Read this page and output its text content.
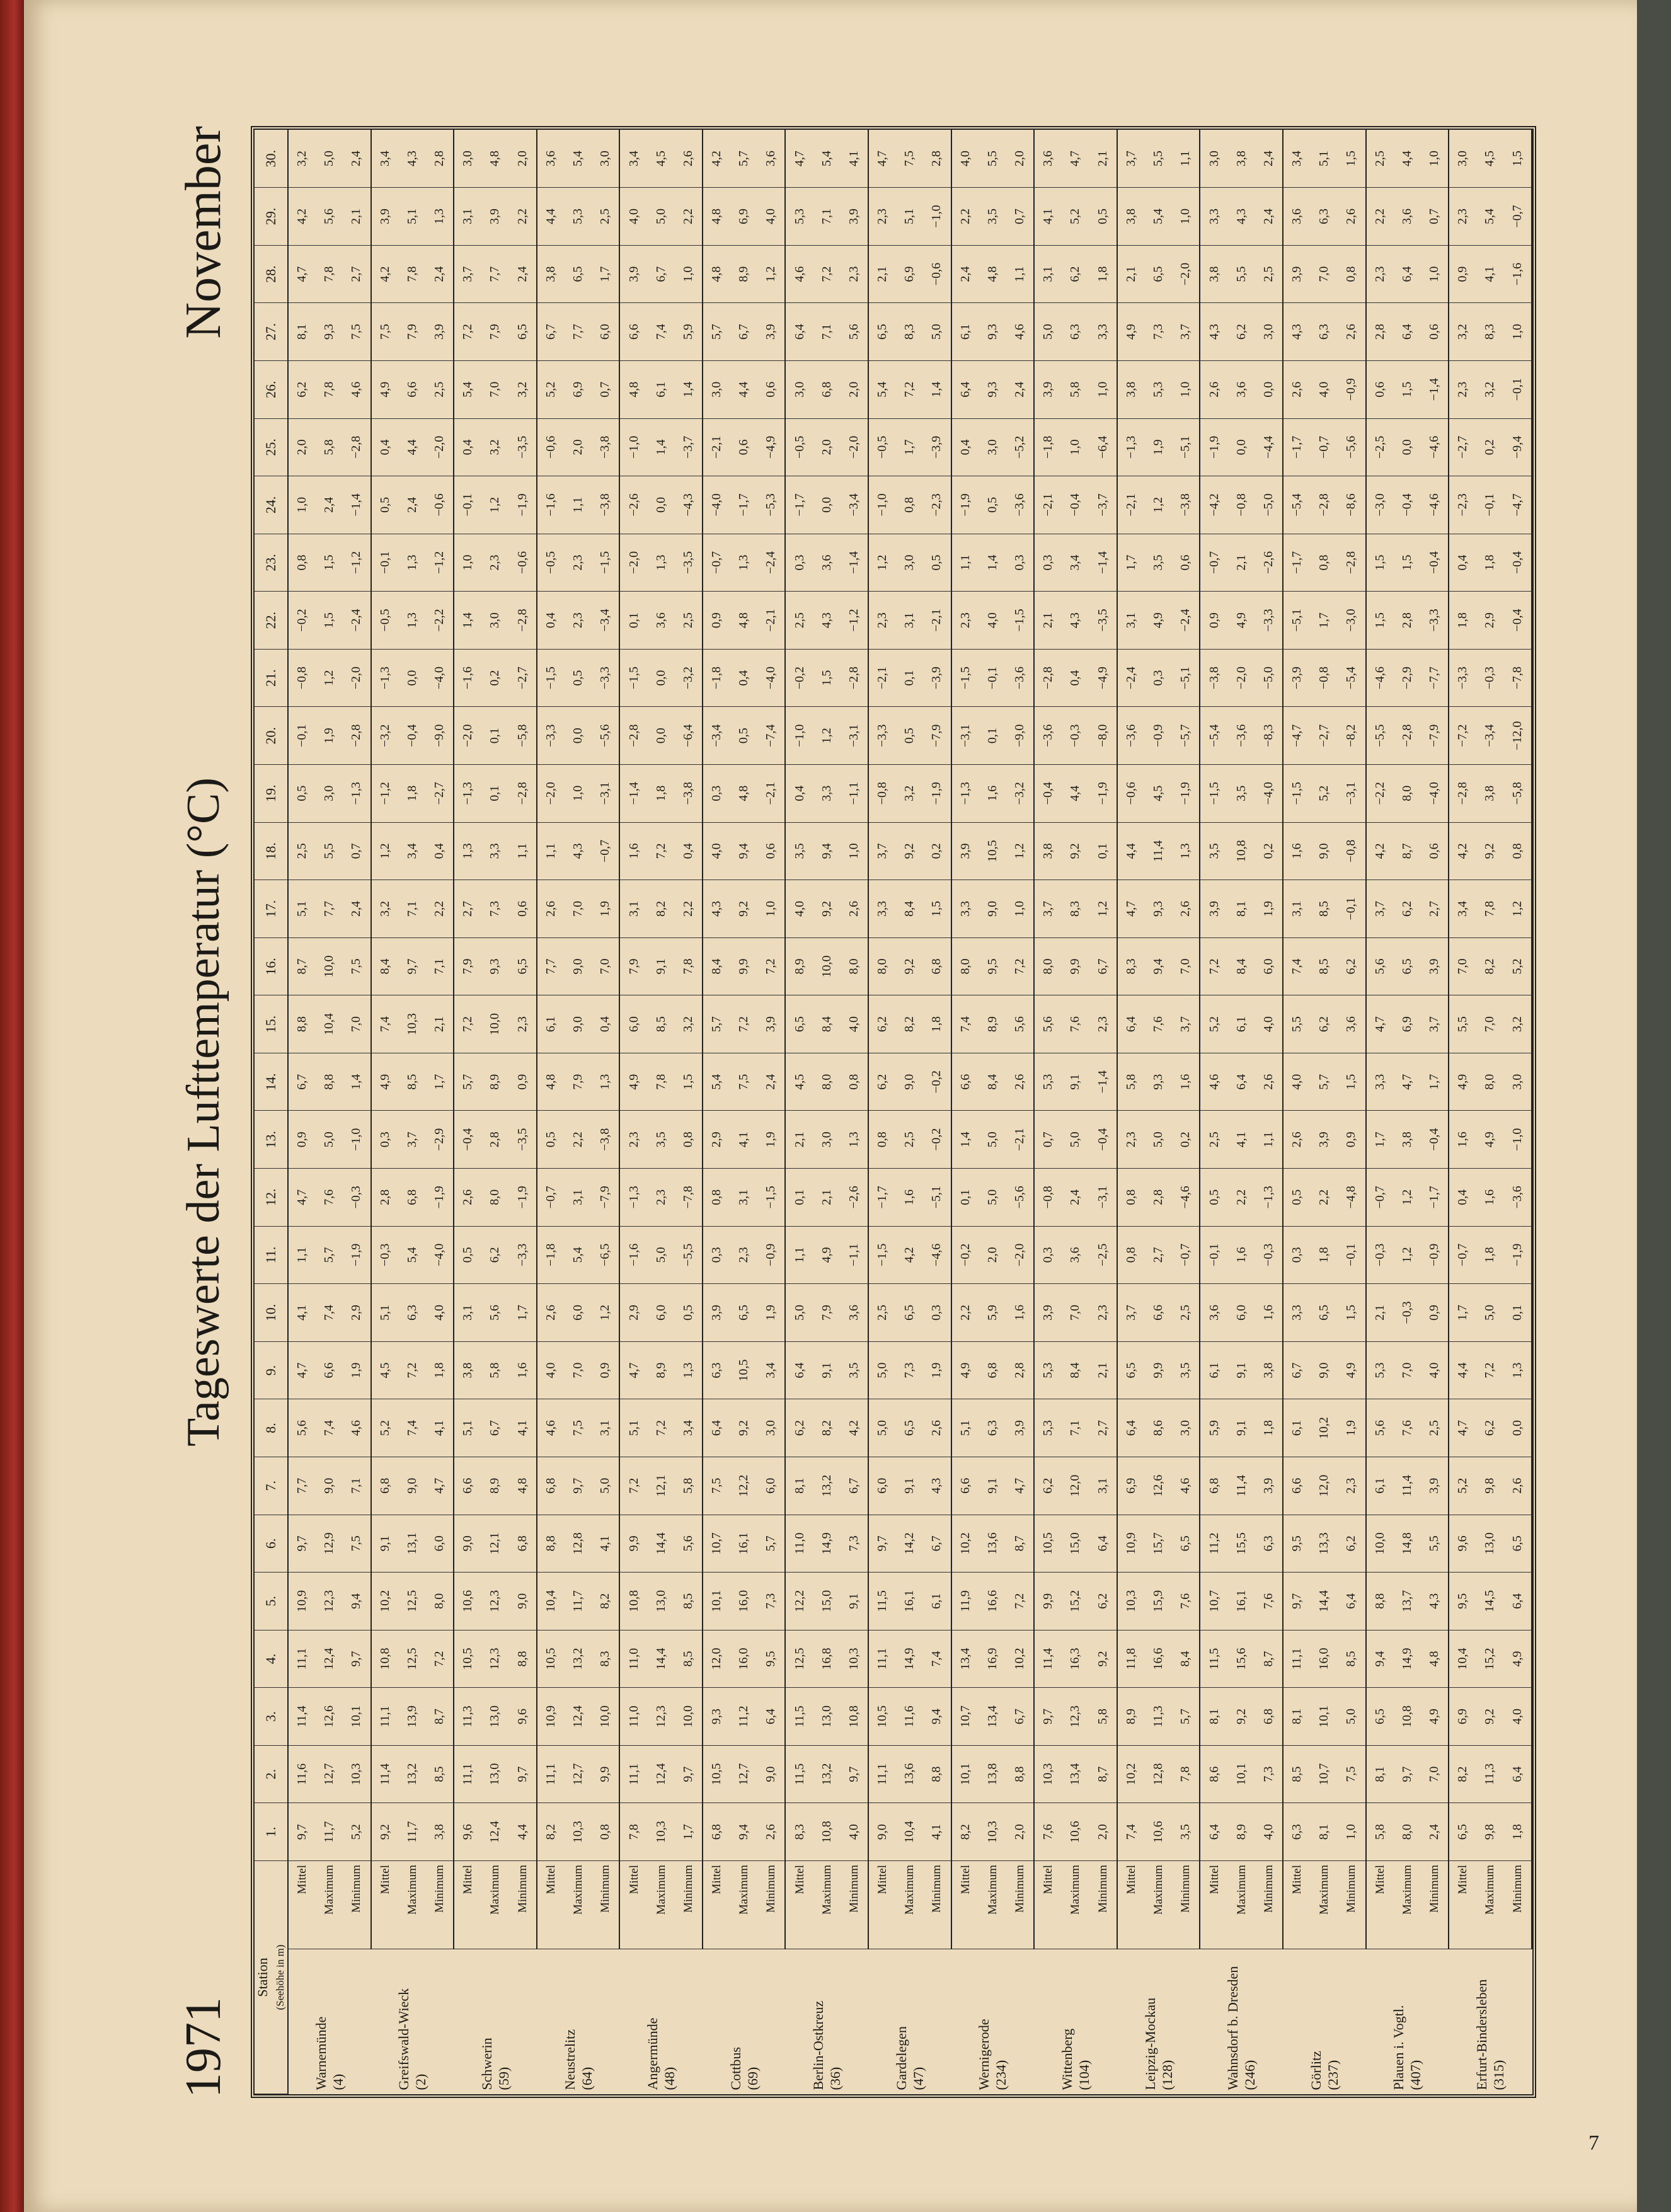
1971
Tageswerte der Lufttemperatur (°C)
November
Station (Seehöhe in m)		1.	2.	3.	4.	5.	6.	7.	8.	9.	10.	11.	12.	13.	14.	15.	16.	17.	18.	19.	20.	21.	22.	23.	24.	25.	26.	27.	28.	29.	30.
Warnemünde
(4)	Mittel	9,7	11,6	11,4	11,1	10,9	9,7	7,7	5,6	4,7	4,1	1,1	4,7	0,9	6,7	8,8	8,7	5,1	2,5	0,5	−0,1	−0,8	−0,2	0,8	1,0	2,0	6,2	8,1	4,7	4,2	3,2
	Maximum	11,7	12,7	12,6	12,4	12,3	12,9	9,0	7,4	6,6	7,4	5,7	7,6	5,0	8,8	10,4	10,0	7,7	5,5	3,0	1,9	1,2	1,5	1,5	2,4	5,8	7,8	9,3	7,8	5,6	5,0
	Minimum	5,2	10,3	10,1	9,7	9,4	7,5	7,1	4,6	1,9	2,9	−1,9	−0,3	−1,0	1,4	7,0	7,5	2,4	0,7	−1,3	−2,8	−2,0	−2,4	−1,2	−1,4	−2,8	4,6	7,5	2,7	2,1	2,4
Greifswald-Wieck
(2)	Mittel	9,2	11,4	11,1	10,8	10,2	9,1	6,8	5,2	4,5	5,1	−0,3	2,8	0,3	4,9	7,4	8,4	3,2	1,2	−1,2	−3,2	−1,3	−0,5	−0,1	0,5	0,4	4,9	7,5	4,2	3,9	3,4
	Maximum	11,7	13,2	13,9	12,5	12,5	13,1	9,0	7,4	7,2	6,3	5,4	6,8	3,7	8,5	10,3	9,7	7,1	3,4	1,8	−0,4	0,0	1,3	1,3	2,4	4,4	6,6	7,9	7,8	5,1	4,3
	Minimum	3,8	8,5	8,7	7,2	8,0	6,0	4,7	4,1	1,8	4,0	−4,0	−1,9	−2,9	1,7	2,1	7,1	2,2	0,4	−2,7	−9,0	−4,0	−2,2	−1,2	−0,6	−2,0	2,5	3,9	2,4	1,3	2,8
Schwerin
(59)	Mittel	9,6	11,1	11,3	10,5	10,6	9,0	6,6	5,1	3,8	3,1	0,5	2,6	−0,4	5,7	7,2	7,9	2,7	1,3	−1,3	−2,0	−1,6	1,4	1,0	−0,1	0,4	5,4	7,2	3,7	3,1	3,0
	Maximum	12,4	13,0	13,0	12,3	12,3	12,1	8,9	6,7	5,8	5,6	6,2	8,0	2,8	8,9	10,0	9,3	7,3	3,3	0,1	0,1	0,2	3,0	2,3	1,2	3,2	7,0	7,9	7,7	3,9	4,8
	Minimum	4,4	9,7	9,6	8,8	9,0	6,8	4,8	4,1	1,6	1,7	−3,3	−1,9	−3,5	0,9	2,3	6,5	0,6	1,1	−2,8	−5,8	−2,7	−2,8	−0,6	−1,9	−3,5	3,2	6,5	2,4	2,2	2,0
Neustrelitz
(64)	Mittel	8,2	11,1	10,9	10,5	10,4	8,8	6,8	4,6	4,0	2,6	−1,8	−0,7	0,5	4,8	6,1	7,7	2,6	1,1	−2,0	−3,3	−1,5	0,4	−0,5	−1,6	−0,6	5,2	6,7	3,8	4,4	3,6
	Maximum	10,3	12,7	12,4	13,2	11,7	12,8	9,7	7,5	7,0	6,0	5,4	3,1	2,2	7,9	9,0	9,0	7,0	4,3	1,0	0,0	0,5	2,3	2,3	1,1	2,0	6,9	7,7	6,5	5,3	5,4
	Minimum	0,8	9,9	10,0	8,3	8,2	4,1	5,0	3,1	0,9	1,2	−6,5	−7,9	−3,8	1,3	0,4	7,0	1,9	−0,7	−3,1	−5,6	−3,3	−3,4	−1,5	−3,8	−3,8	0,7	6,0	1,7	2,5	3,0
Angermünde
(48)	Mittel	7,8	11,1	11,0	11,0	10,8	9,9	7,2	5,1	4,7	2,9	−1,6	−1,3	2,3	4,9	6,0	7,9	3,1	1,6	−1,4	−2,8	−1,5	0,1	−2,0	−2,6	−1,0	4,8	6,6	3,9	4,0	3,4
	Maximum	10,3	12,4	12,3	14,4	13,0	14,4	12,1	7,2	8,9	6,0	5,0	2,3	3,5	7,8	8,5	9,1	8,2	7,2	1,8	0,0	0,0	3,6	1,3	0,0	1,4	6,1	7,4	6,7	5,0	4,5
	Minimum	1,7	9,7	10,0	8,5	8,5	5,6	5,8	3,4	1,3	0,5	−5,5	−7,8	0,8	1,5	3,2	7,8	2,2	0,4	−3,8	−6,4	−3,2	2,5	−3,5	−4,3	−3,7	1,4	5,9	1,0	2,2	2,6
Cottbus
(69)	Mittel	6,8	10,5	9,3	12,0	10,1	10,7	7,5	6,4	6,3	3,9	0,3	0,8	2,9	5,4	5,7	8,4	4,3	4,0	0,3	−3,4	−1,8	0,9	−0,7	−4,0	−2,1	3,0	5,7	4,8	4,8	4,2
	Maximum	9,4	12,7	11,2	16,0	16,0	16,1	12,2	9,2	10,5	6,5	2,3	3,1	4,1	7,5	7,2	9,9	9,2	9,4	4,8	0,5	0,4	4,8	1,3	−1,7	0,6	4,4	6,7	8,9	6,9	5,7
	Minimum	2,6	9,0	6,4	9,5	7,3	5,7	6,0	3,0	3,4	1,9	−0,9	−1,5	1,9	2,4	3,9	7,2	1,0	0,6	−2,1	−7,4	−4,0	−2,1	−2,4	−5,3	−4,9	0,6	3,9	1,2	4,0	3,6
Berlin-Ostkreuz
(36)	Mittel	8,3	11,5	11,5	12,5	12,2	11,0	8,1	6,2	6,4	5,0	1,1	0,1	2,1	4,5	6,5	8,9	4,0	3,5	0,4	−1,0	−0,2	2,5	0,3	−1,7	−0,5	3,0	6,4	4,6	5,3	4,7
	Maximum	10,8	13,2	13,0	16,8	15,0	14,9	13,2	8,2	9,1	7,9	4,9	2,1	3,0	8,0	8,4	10,0	9,2	9,4	3,3	1,2	1,5	4,3	3,6	0,0	2,0	6,8	7,1	7,2	7,1	5,4
	Minimum	4,0	9,7	10,8	10,3	9,1	7,3	6,7	4,2	3,5	3,6	−1,1	−2,6	1,3	0,8	4,0	8,0	2,6	1,0	−1,1	−3,1	−2,8	−1,2	−1,4	−3,4	−2,0	2,0	5,6	2,3	3,9	4,1
Gardelegen
(47)	Mittel	9,0	11,1	10,5	11,1	11,5	9,7	6,0	5,0	5,0	2,5	−1,5	−1,7	0,8	6,2	6,2	8,0	3,3	3,7	−0,8	−3,3	−2,1	2,3	1,2	−1,0	−0,5	5,4	6,5	2,1	2,3	4,7
	Maximum	10,4	13,6	11,6	14,9	16,1	14,2	9,1	6,5	7,3	6,5	4,2	1,6	2,5	9,0	8,2	9,2	8,4	9,2	3,2	0,5	0,1	3,1	3,0	0,8	1,7	7,2	8,3	6,9	5,1	7,5
	Minimum	4,1	8,8	9,4	7,4	6,1	6,7	4,3	2,6	1,9	0,3	−4,6	−5,1	−0,2	−0,2	1,8	6,8	1,5	0,2	−1,9	−7,9	−3,9	−2,1	0,5	−2,3	−3,9	1,4	5,0	−0,6	−1,0	2,8
Wernigerode
(234)	Mittel	8,2	10,1	10,7	13,4	11,9	10,2	6,6	5,1	4,9	2,2	−0,2	0,1	1,4	6,6	7,4	8,0	3,3	3,9	−1,3	−3,1	−1,5	2,3	1,1	−1,9	0,4	6,4	6,1	2,4	2,2	4,0
	Maximum	10,3	13,8	13,4	16,9	16,6	13,6	9,1	6,3	6,8	5,9	2,0	5,0	5,0	8,4	8,9	9,5	9,0	10,5	1,6	0,1	−0,1	4,0	1,4	0,5	3,0	9,3	9,3	4,8	3,5	5,5
	Minimum	2,0	8,8	6,7	10,2	7,2	8,7	4,7	3,9	2,8	1,6	−2,0	−5,6	−2,1	2,6	5,6	7,2	1,0	1,2	−3,2	−9,0	−3,6	−1,5	0,3	−3,6	−5,2	2,4	4,6	1,1	0,7	2,0
Wittenberg
(104)	Mittel	7,6	10,3	9,7	11,4	9,9	10,5	6,2	5,3	5,3	3,9	0,3	−0,8	0,7	5,3	5,6	8,0	3,7	3,8	−0,4	−3,6	−2,8	2,1	0,3	−2,1	−1,8	3,9	5,0	3,1	4,1	3,6
	Maximum	10,6	13,4	12,3	16,3	15,2	15,0	12,0	7,1	8,4	7,0	3,6	2,4	5,0	9,1	7,6	9,9	8,3	9,2	4,4	−0,3	0,4	4,3	3,4	−0,4	1,0	5,8	6,3	6,2	5,2	4,7
	Minimum	2,0	8,7	5,8	9,2	6,2	6,4	3,1	2,7	2,1	2,3	−2,5	−3,1	−0,4	−1,4	2,3	6,7	1,2	0,1	−1,9	−8,0	−4,9	−3,5	−1,4	−3,7	−6,4	1,0	3,3	1,8	0,5	2,1
Leipzig-Mockau
(128)	Mittel	7,4	10,2	8,9	11,8	10,3	10,9	6,9	6,4	6,5	3,7	0,8	0,8	2,3	5,8	6,4	8,3	4,7	4,4	−0,6	−3,6	−2,4	3,1	1,7	−2,1	−1,3	3,8	4,9	2,1	3,8	3,7
	Maximum	10,6	12,8	11,3	16,6	15,9	15,7	12,6	8,6	9,9	6,6	2,7	2,8	5,0	9,3	7,6	9,4	9,3	11,4	4,5	−0,9	0,3	4,9	3,5	1,2	1,9	5,3	7,3	6,5	5,4	5,5
	Minimum	3,5	7,8	5,7	8,4	7,6	6,5	4,6	3,0	3,5	2,5	−0,7	−4,6	0,2	1,6	3,7	7,0	2,6	1,3	−1,9	−5,7	−5,1	−2,4	0,6	−3,8	−5,1	1,0	3,7	−2,0	1,0	1,1
Wahnsdorf b. Dresden
(246)	Mittel	6,4	8,6	8,1	11,5	10,7	11,2	6,8	5,9	6,1	3,6	−0,1	0,5	2,5	4,6	5,2	7,2	3,9	3,5	−1,5	−5,4	−3,8	0,9	−0,7	−4,2	−1,9	2,6	4,3	3,8	3,3	3,0
	Maximum	8,9	10,1	9,2	15,6	16,1	15,5	11,4	9,1	9,1	6,0	1,6	2,2	4,1	6,4	6,1	8,4	8,1	10,8	3,5	−3,6	−2,0	4,9	2,1	−0,8	0,0	3,6	6,2	5,5	4,3	3,8
	Minimum	4,0	7,3	6,8	8,7	7,6	6,3	3,9	1,8	3,8	1,6	−0,3	−1,3	1,1	2,6	4,0	6,0	1,9	0,2	−4,0	−8,3	−5,0	−3,3	−2,6	−5,0	−4,4	0,0	3,0	2,5	2,4	2,4
Görlitz
(237)	Mittel	6,3	8,5	8,1	11,1	9,7	9,5	6,6	6,1	6,7	3,3	0,3	0,5	2,6	4,0	5,5	7,4	3,1	1,6	−1,5	−4,7	−3,9	−5,1	−1,7	−5,4	−1,7	2,6	4,3	3,9	3,6	3,4
	Maximum	8,1	10,7	10,1	16,0	14,4	13,3	12,0	10,2	9,0	6,5	1,8	2,2	3,9	5,7	6,2	8,5	8,5	9,0	5,2	−2,7	−0,8	1,7	0,8	−2,8	−0,7	4,0	6,3	7,0	6,3	5,1
	Minimum	1,0	7,5	5,0	8,5	6,4	6,2	2,3	1,9	4,9	1,5	−0,1	−4,8	0,9	1,5	3,6	6,2	−0,1	−0,8	−3,1	−8,2	−5,4	−3,0	−2,8	−8,6	−5,6	−0,9	2,6	0,8	2,6	1,5
Plauen i. Vogtl.
(407)	Mittel	5,8	8,1	6,5	9,4	8,8	10,0	6,1	5,6	5,3	2,1	−0,3	−0,7	1,7	3,3	4,7	5,6	3,7	4,2	−2,2	−5,5	−4,6	1,5	1,5	−3,0	−2,5	0,6	2,8	2,3	2,2	2,5
	Maximum	8,0	9,7	10,8	14,9	13,7	14,8	11,4	7,6	7,0	−0,3	1,2	1,2	3,8	4,7	6,9	6,5	6,2	8,7	8,0	−2,8	−2,9	2,8	1,5	−0,4	0,0	1,5	6,4	6,4	3,6	4,4
	Minimum	2,4	7,0	4,9	4,8	4,3	5,5	3,9	2,5	4,0	0,9	−0,9	−1,7	−0,4	1,7	3,7	3,9	2,7	0,6	−4,0	−7,9	−7,7	−3,3	−0,4	−4,6	−4,6	−1,4	0,6	1,0	0,7	1,0
Erfurt-Bindersleben
(315)	Mittel	6,5	8,2	6,9	10,4	9,5	9,6	5,2	4,7	4,4	1,7	−0,7	0,4	1,6	4,9	5,5	7,0	3,4	4,2	−2,8	−7,2	−3,3	1,8	0,4	−2,3	−2,7	2,3	3,2	0,9	2,3	3,0
	Maximum	9,8	11,3	9,2	15,2	14,5	13,0	9,8	6,2	7,2	5,0	1,8	1,6	4,9	8,0	7,0	8,2	7,8	9,2	3,8	−3,4	−0,3	2,9	1,8	−0,1	0,2	3,2	8,3	4,1	5,4	4,5
	Minimum	1,8	6,4	4,0	4,9	6,4	6,5	2,6	0,0	1,3	0,1	−1,9	−3,6	−1,0	3,0	3,2	5,2	1,2	0,8	−5,8	−12,0	−7,8	−0,4	−0,4	−4,7	−9,4	−0,1	1,0	−1,6	−0,7	1,5
7
